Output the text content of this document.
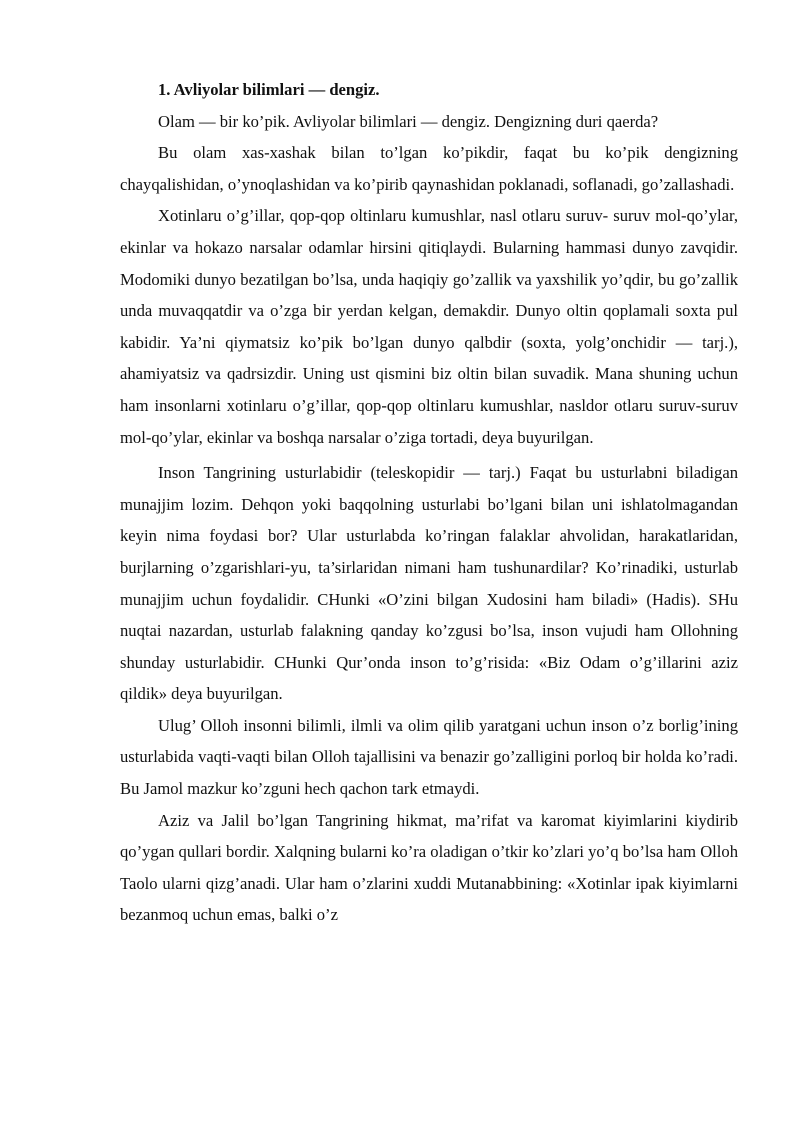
1. Avliyolar bilimlari — dengiz.

Olam — bir ko’pik. Avliyolar bilimlari — dengiz. Dengizning duri qaerda?

Bu olam xas-xashak bilan to’lgan ko’pikdir, faqat bu ko’pik dengizning chayqalishidan, o’ynoqlashidan va ko’pirib qaynashidan poklanadi, soflanadi, go’zallashadi.

Xotinlaru o’g’illar, qop-qop oltinlaru kumushlar, nasl otlaru suruv- suruv mol-qo’ylar, ekinlar va hokazo narsalar odamlar hirsini qitiqlaydi. Bularning hammasi dunyo zavqidir. Modomiki dunyo bezatilgan bo’lsa, unda haqiqiy go’zallik va yaxshilik yo’qdir, bu go’zallik unda muvaqqatdir va o’zga bir yerdan kelgan, demakdir. Dunyo oltin qoplamali soxta pul kabidir. Ya’ni qiymatsiz ko’pik bo’lgan dunyo qalbdir (soxta, yolg’onchidir — tarj.), ahamiyatsiz va qadrsizdir. Uning ust qismini biz oltin bilan suvadik. Mana shuning uchun ham insonlarni xotinlaru o’g’illar, qop-qop oltinlaru kumushlar, nasldor otlaru suruv-suruv mol-qo’ylar, ekinlar va boshqa narsalar o’ziga tortadi, deya buyurilgan.

Inson Tangrining usturlabidir (teleskopidir — tarj.) Faqat bu usturlabni biladigan munajjim lozim. Dehqon yoki baqqolning usturlabi bo’lgani bilan uni ishlatolmagandan keyin nima foydasi bor? Ular usturlabda ko’ringan falaklar ahvolidan, harakatlaridan, burjlarning o’zgarishlari-yu, ta’sirlaridan nimani ham tushunardilar? Ko’rinadiki, usturlab munajjim uchun foydalidir. CHunki «O’zini bilgan Xudosini ham biladi» (Hadis). SHu nuqtai nazardan, usturlab falakning qanday ko’zgusi bo’lsa, inson vujudi ham Ollohning shunday usturlabidir. CHunki Qur’onda inson to’g’risida: «Biz Odam o’g’illarini aziz qildik» deya buyurilgan.

Ulug’ Olloh insonni bilimli, ilmli va olim qilib yaratgani uchun inson o’z borlig’ining usturlabida vaqti-vaqti bilan Olloh tajallisini va benazir go’zalligini porloq bir holda ko’radi. Bu Jamol mazkur ko’zguni hech qachon tark etmaydi.

Aziz va Jalil bo’lgan Tangrining hikmat, ma’rifat va karomat kiyimlarini kiydirib qo’ygan qullari bordir. Xalqning bularni ko’ra oladigan o’tkir ko’zlari yo’q bo’lsa ham Olloh Taolo ularni qizg’anadi. Ular ham o’zlarini xuddi Mutanabbining: «Xotinlar ipak kiyimlarni bezanmoq uchun emas, balki o’z
